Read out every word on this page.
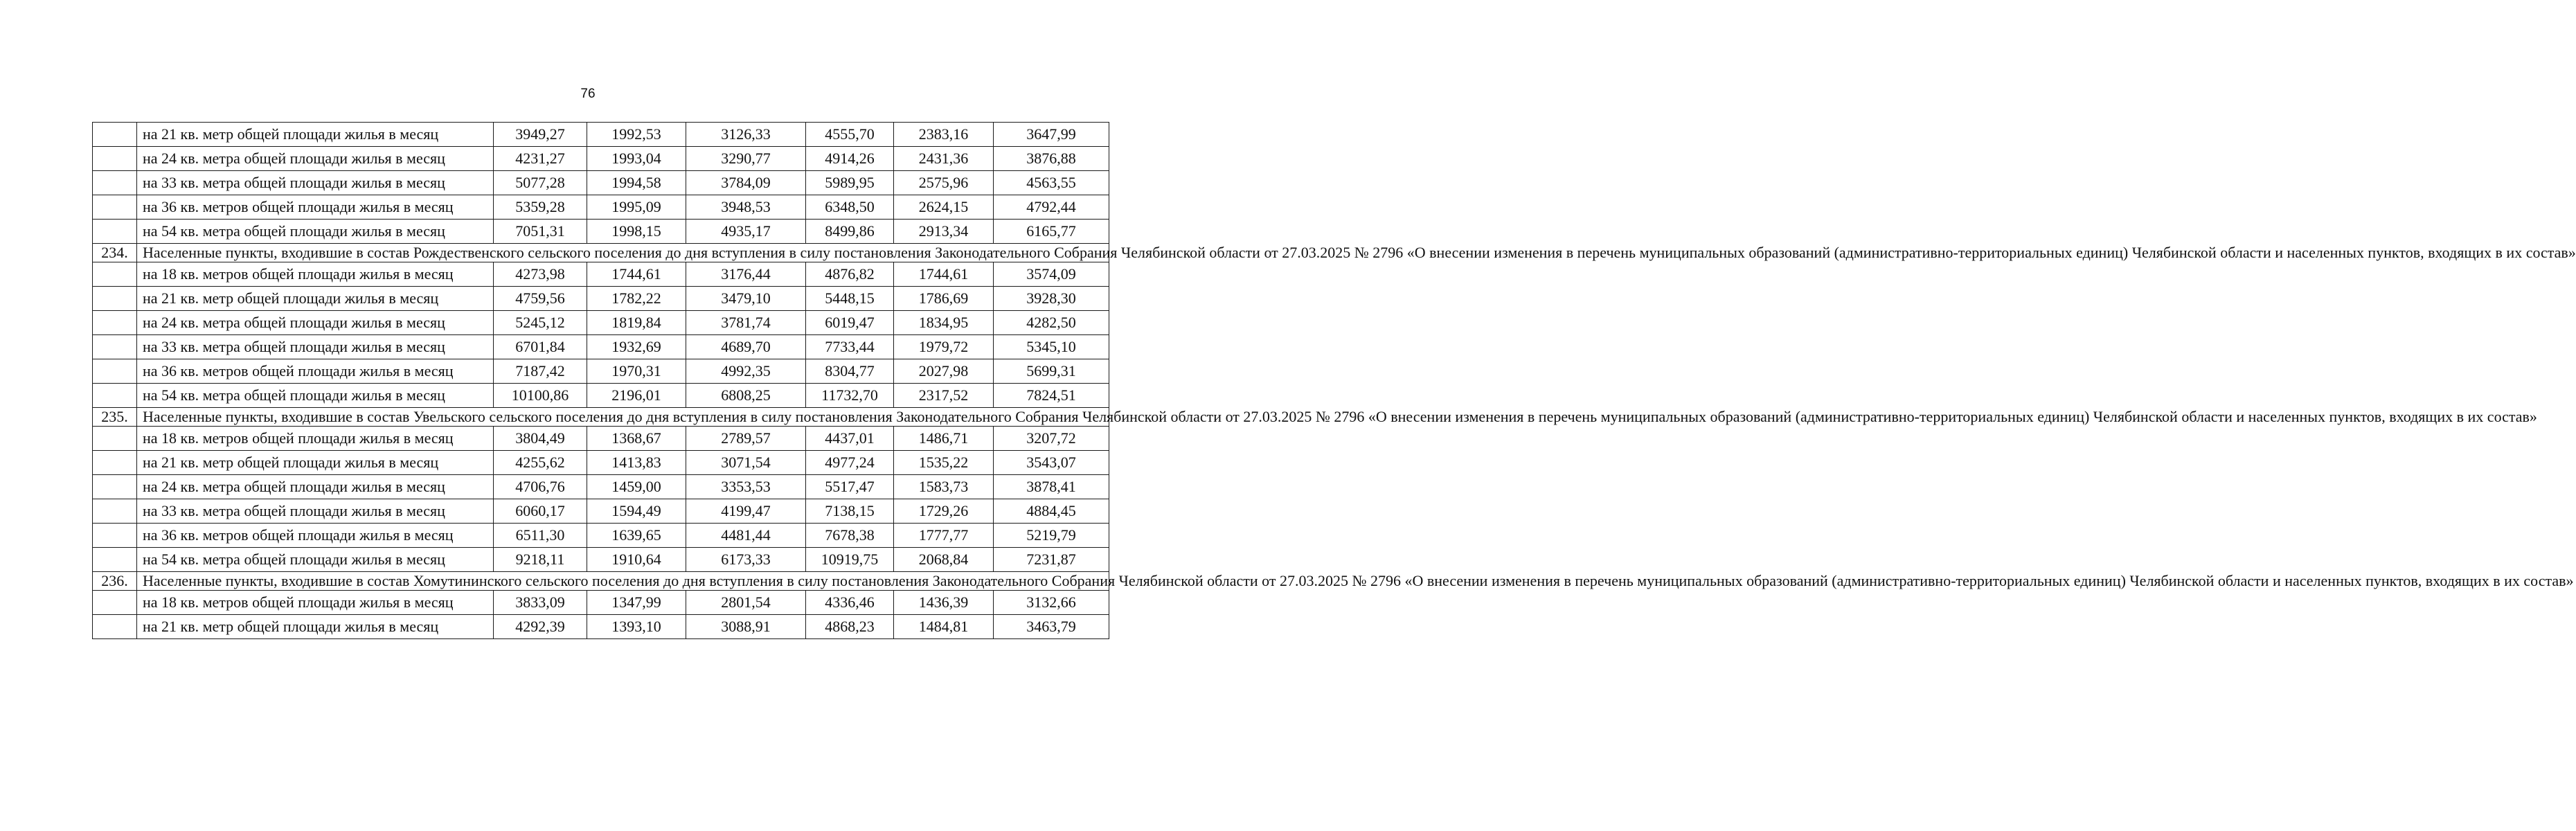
76
	на 21 кв. метр общей площади жилья в месяц	3949,27	1992,53	3126,33	4555,70	2383,16	3647,99
	на 24 кв. метра общей площади жилья в месяц	4231,27	1993,04	3290,77	4914,26	2431,36	3876,88
	на 33 кв. метра общей площади жилья в месяц	5077,28	1994,58	3784,09	5989,95	2575,96	4563,55
	на 36 кв. метров общей площади жилья в месяц	5359,28	1995,09	3948,53	6348,50	2624,15	4792,44
	на 54 кв. метра общей площади жилья в месяц	7051,31	1998,15	4935,17	8499,86	2913,34	6165,77
234.	Населенные пункты, входившие в состав Рождественского сельского поселения до дня вступления в силу постановления Законодательного Собрания Челябинской области от 27.03.2025 № 2796 «О внесении изменения в перечень муниципальных образований (административно-территориальных единиц) Челябинской области и населенных пунктов, входящих в их состав»						
	на 18 кв. метров общей площади жилья в месяц	4273,98	1744,61	3176,44	4876,82	1744,61	3574,09
	на 21 кв. метр общей площади жилья в месяц	4759,56	1782,22	3479,10	5448,15	1786,69	3928,30
	на 24 кв. метра общей площади жилья в месяц	5245,12	1819,84	3781,74	6019,47	1834,95	4282,50
	на 33 кв. метра общей площади жилья в месяц	6701,84	1932,69	4689,70	7733,44	1979,72	5345,10
	на 36 кв. метров общей площади жилья в месяц	7187,42	1970,31	4992,35	8304,77	2027,98	5699,31
	на 54 кв. метра общей площади жилья в месяц	10100,86	2196,01	6808,25	11732,70	2317,52	7824,51
235.	Населенные пункты, входившие в состав Увельского сельского поселения до дня вступления в силу постановления Законодательного Собрания Челябинской области от 27.03.2025 № 2796 «О внесении изменения в перечень муниципальных образований (административно-территориальных единиц) Челябинской области и населенных пунктов, входящих в их состав»						
	на 18 кв. метров общей площади жилья в месяц	3804,49	1368,67	2789,57	4437,01	1486,71	3207,72
	на 21 кв. метр общей площади жилья в месяц	4255,62	1413,83	3071,54	4977,24	1535,22	3543,07
	на 24 кв. метра общей площади жилья в месяц	4706,76	1459,00	3353,53	5517,47	1583,73	3878,41
	на 33 кв. метра общей площади жилья в месяц	6060,17	1594,49	4199,47	7138,15	1729,26	4884,45
	на 36 кв. метров общей площади жилья в месяц	6511,30	1639,65	4481,44	7678,38	1777,77	5219,79
	на 54 кв. метра общей площади жилья в месяц	9218,11	1910,64	6173,33	10919,75	2068,84	7231,87
236.	Населенные пункты, входившие в состав Хомутининского сельского поселения до дня вступления в силу постановления Законодательного Собрания Челябинской области от 27.03.2025 № 2796 «О внесении изменения в перечень муниципальных образований (административно-территориальных единиц) Челябинской области и населенных пунктов, входящих в их состав»						
	на 18 кв. метров общей площади жилья в месяц	3833,09	1347,99	2801,54	4336,46	1436,39	3132,66
	на 21 кв. метр общей площади жилья в месяц	4292,39	1393,10	3088,91	4868,23	1484,81	3463,79
